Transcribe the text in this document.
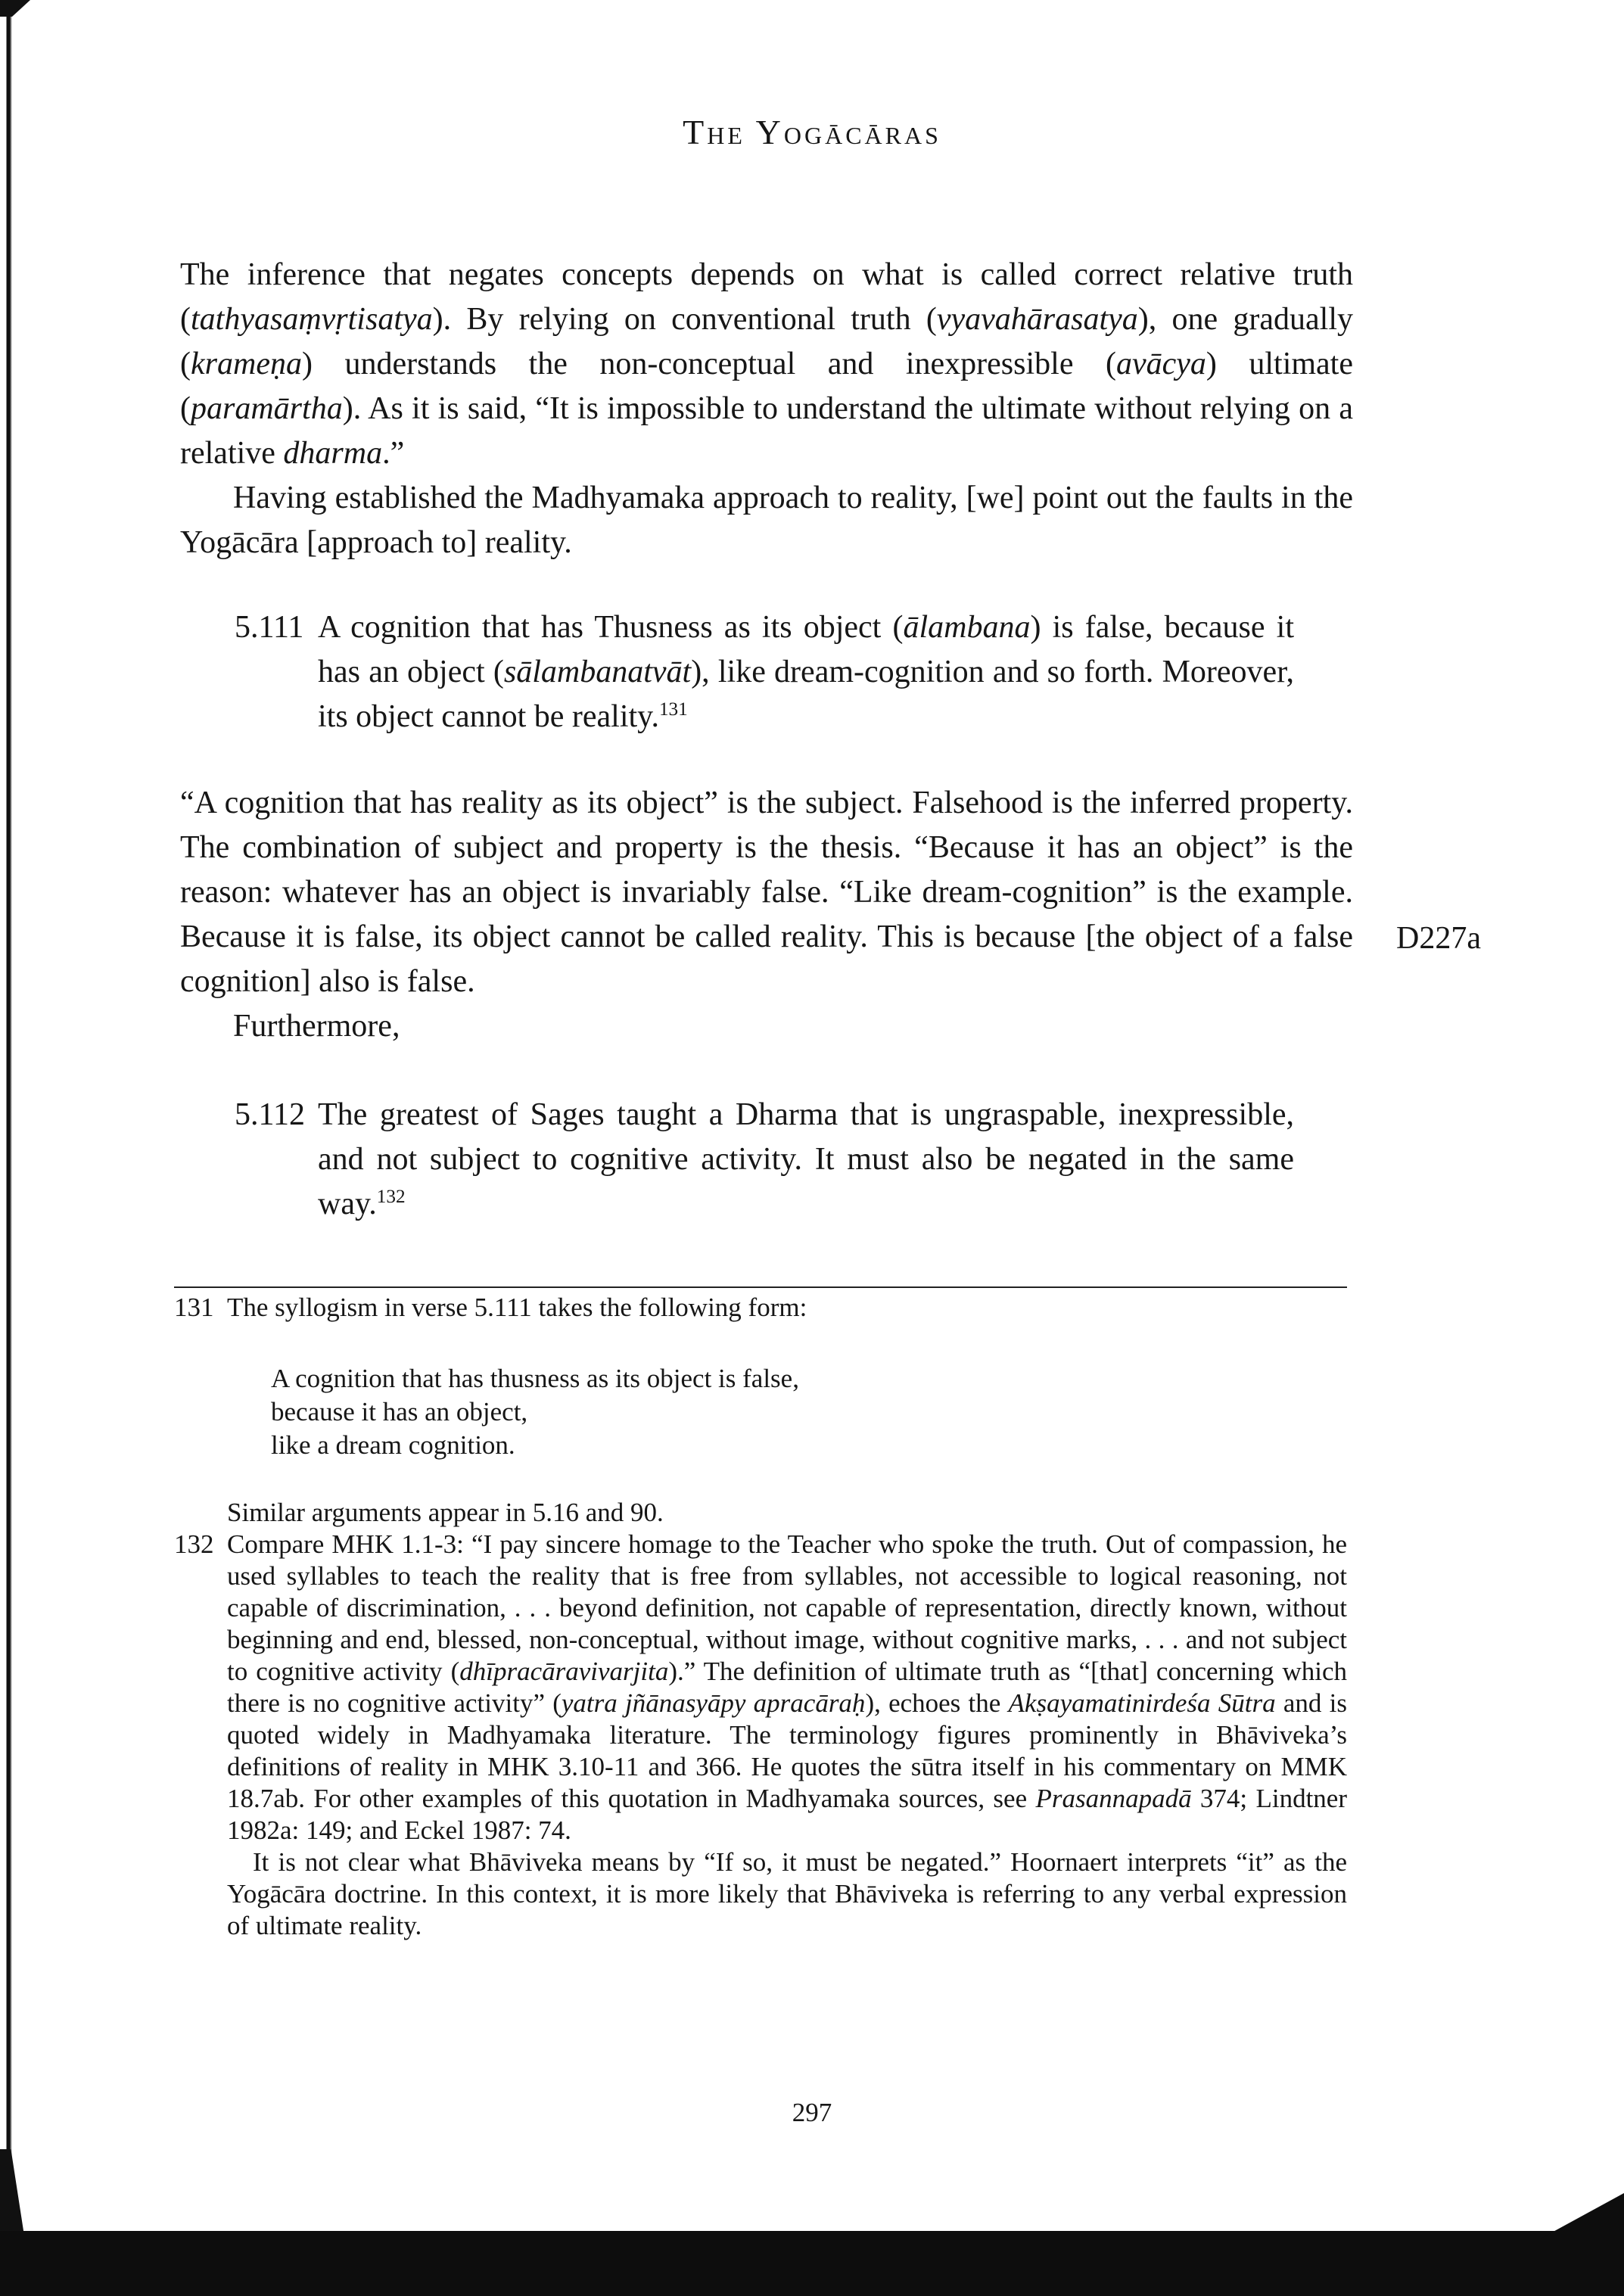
The Yogācāras

The inference that negates concepts depends on what is called correct relative truth (tathyasaṃvṛtisatya). By relying on conventional truth (vyavahārasatya), one gradually (krameṇa) understands the non-conceptual and inexpressible (avācya) ultimate (paramārtha). As it is said, “It is impossible to understand the ultimate without relying on a relative dharma.”

Having established the Madhyamaka approach to reality, [we] point out the faults in the Yogācāra [approach to] reality.

5.111 A cognition that has Thusness as its object (ālambana) is false, because it has an object (sālambanatvāt), like dream-cognition and so forth. Moreover, its object cannot be reality.$^{131}$

“A cognition that has reality as its object” is the subject. Falsehood is the inferred property. The combination of subject and property is the thesis. “Because it has an object” is the reason: whatever has an object is invariably false. “Like dream-cognition” is the example. Because it is false, its object cannot be called reality. This is because [the object of a false cognition] also is false.

Furthermore,

D227a
5.112 The greatest of Sages taught a Dharma that is ungraspable, inexpressible, and not subject to cognitive activity. It must also be negated in the same way.$^{132}$
131 The syllogism in verse 5.111 takes the following form:

A cognition that has thusness as its object is false,
because it has an object,
like a dream cognition.

Similar arguments appear in 5.16 and 90.

132 Compare MHK 1.1-3: “I pay sincere homage to the Teacher who spoke the truth. Out of compassion, he used syllables to teach the reality that is free from syllables, not accessible to logical reasoning, not capable of discrimination, . . . beyond definition, not capable of representation, directly known, without beginning and end, blessed, non-conceptual, without image, without cognitive marks, . . . and not subject to cognitive activity (dhīpracāravivarjita).” The definition of ultimate truth as “[that] concerning which there is no cognitive activity” (yatra jñānasyāpy apracāraḥ), echoes the Akṣayamatinirdeśa Sūtra and is quoted widely in Madhyamaka literature. The terminology figures prominently in Bhāviveka’s definitions of reality in MHK 3.10-11 and 366. He quotes the sūtra itself in his commentary on MMK 18.7ab. For other examples of this quotation in Madhyamaka sources, see Prasannapadā 374; Lindtner 1982a: 149; and Eckel 1987: 74.

It is not clear what Bhāviveka means by “If so, it must be negated.” Hoornaert interprets “it” as the Yogācāra doctrine. In this context, it is more likely that Bhāviveka is referring to any verbal expression of ultimate reality.

297
